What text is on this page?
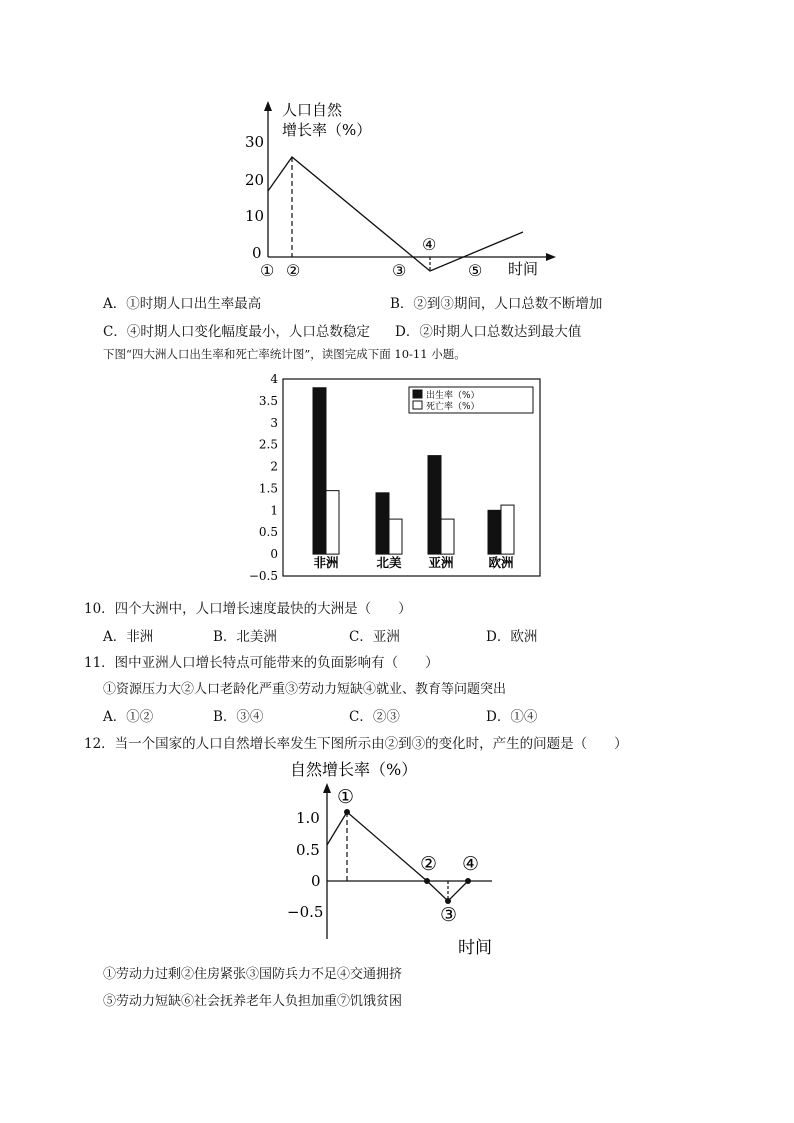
人口自然
增长率（%）
30
20
10
0
① ②	③
④
⑤ 时间
A．①时期人口出生率最高	B．②到③期间，人口总数不断增加
C．④时期人口变化幅度最小，人口总数稳定 D．②时期人口总数达到最大值
下图“四大洲人口出生率和死亡率统计图”，读图完成下面 10-11 小题。
4
3.5
3
2.5
2
1.5
1
0.5
0
−0.5
非洲	北美 亚洲	欧洲
出生率（%）
死亡率（%）
10．四个大洲中，人口增长速度最快的大洲是（　　）
A．非洲	B．北美洲	C．亚洲	D．欧洲
11．图中亚洲人口增长特点可能带来的负面影响有（　　）
①资源压力大②人口老龄化严重③劳动力短缺④就业、教育等问题突出
A．①②	B．③④	C．②③	D．①④
12．当一个国家的人口自然增长率发生下图所示由②到③的变化时，产生的问题是（　　）
自然增长率（%）
1.0
0.5
0
−0.5
①
②
③
④
时间
①劳动力过剩②住房紧张③国防兵力不足④交通拥挤
⑤劳动力短缺⑥社会抚养老年人负担加重⑦饥饿贫困
